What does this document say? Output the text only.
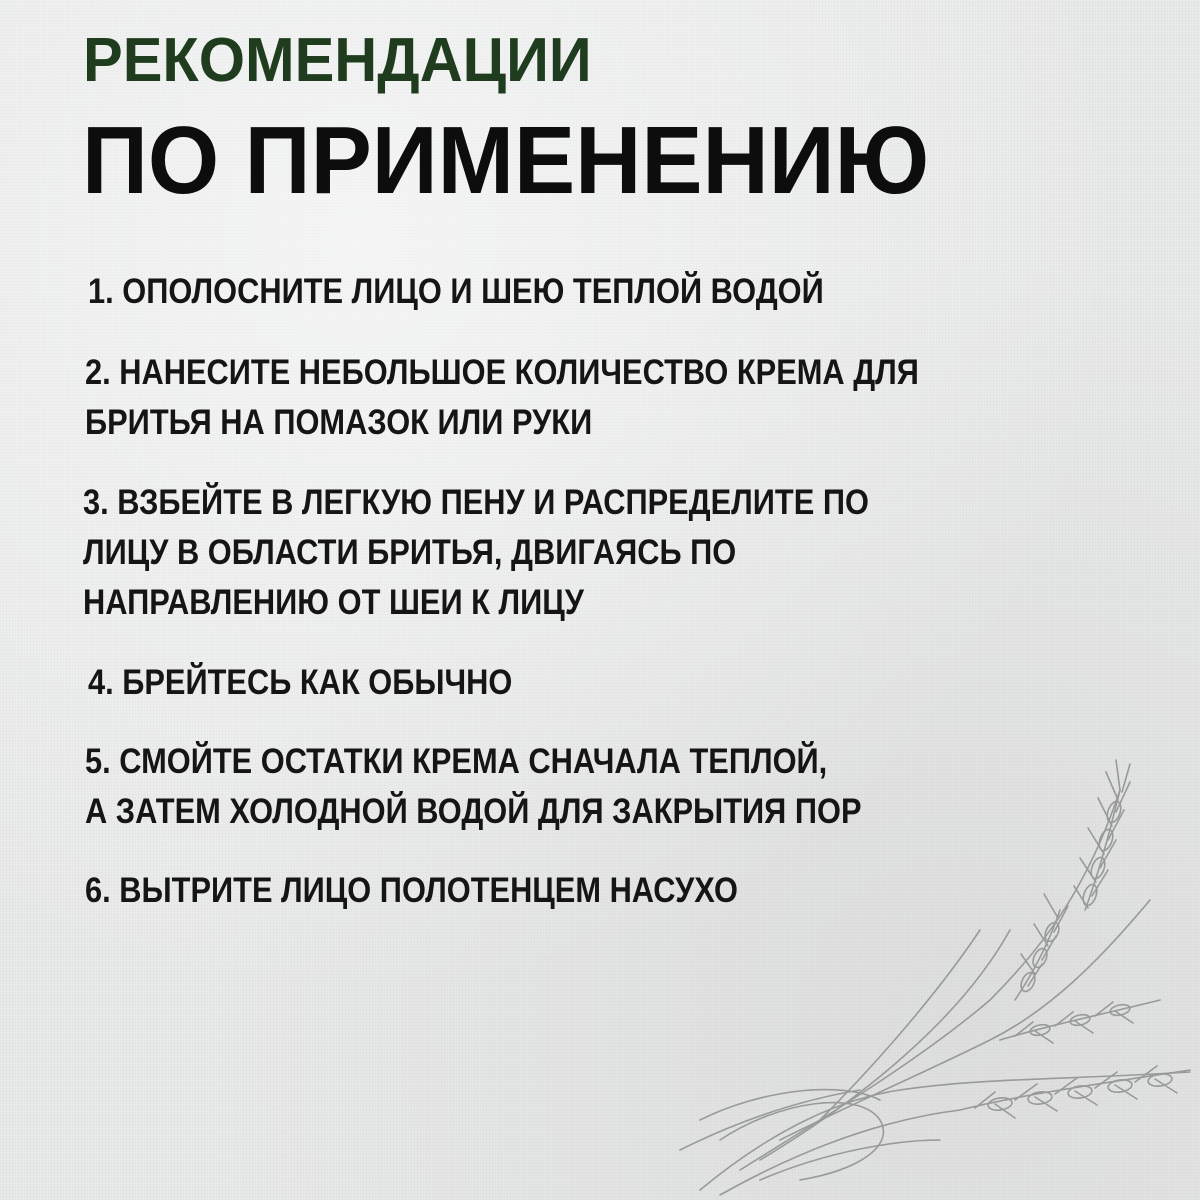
РЕКОМЕНДАЦИИ
ПО ПРИМЕНЕНИЮ
1. ОПОЛОСНИТЕ ЛИЦО И ШЕЮ ТЕПЛОЙ ВОДОЙ
2. НАНЕСИТЕ НЕБОЛЬШОЕ КОЛИЧЕСТВО КРЕМА ДЛЯ
БРИТЬЯ НА ПОМАЗОК ИЛИ РУКИ
3. ВЗБЕЙТЕ В ЛЕГКУЮ ПЕНУ И РАСПРЕДЕЛИТЕ ПО
ЛИЦУ В ОБЛАСТИ БРИТЬЯ, ДВИГАЯСЬ ПО
НАПРАВЛЕНИЮ ОТ ШЕИ К ЛИЦУ
4. БРЕЙТЕСЬ КАК ОБЫЧНО
5. СМОЙТЕ ОСТАТКИ КРЕМА СНАЧАЛА ТЕПЛОЙ,
А ЗАТЕМ ХОЛОДНОЙ ВОДОЙ ДЛЯ ЗАКРЫТИЯ ПОР
6. ВЫТРИТЕ ЛИЦО ПОЛОТЕНЦЕМ НАСУХО
